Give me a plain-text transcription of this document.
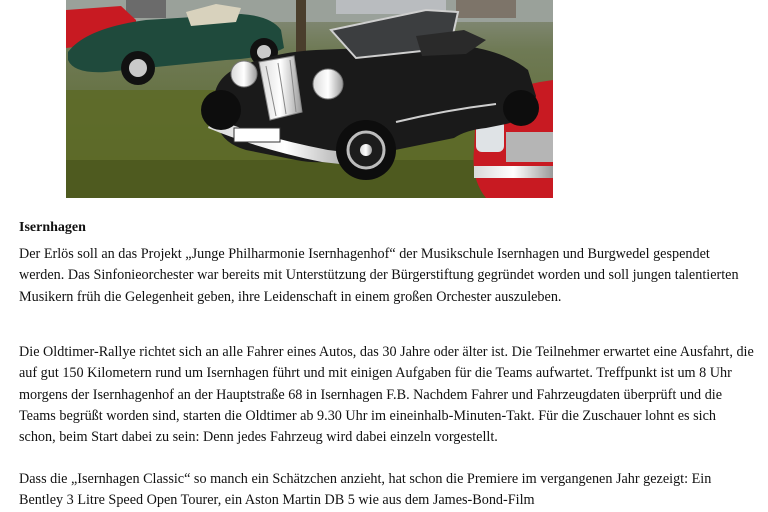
Isernhagen

Der Erlös soll an das Projekt „Junge Philharmonie Isernhagenhof“ der Musikschule Isernhagen und Burgwedel gespendet werden. Das Sinfonieorchester war bereits mit Unterstützung der Bürgerstiftung gegründet worden und soll jungen talentierten Musikern früh die Gelegenheit geben, ihre Leidenschaft in einem großen Orchester auszuleben.

Die Oldtimer-Rallye richtet sich an alle Fahrer eines Autos, das 30 Jahre oder älter ist. Die Teilnehmer erwartet eine Ausfahrt, die auf gut 150 Kilometern rund um Isernhagen führt und mit einigen Aufgaben für die Teams aufwartet. Treffpunkt ist um 8 Uhr morgens der Isernhagenhof an der Hauptstraße 68 in Isernhagen F.B. Nachdem Fahrer und Fahrzeugdaten überprüft und die Teams begrüßt worden sind, starten die Oldtimer ab 9.30 Uhr im eineinhalb-Minuten-Takt. Für die Zuschauer lohnt es sich schon, beim Start dabei zu sein: Denn jedes Fahrzeug wird dabei einzeln vorgestellt.

Dass die „Isernhagen Classic“ so manch ein Schätzchen anzieht, hat schon die Premiere im vergangenen Jahr gezeigt: Ein Bentley 3 Litre Speed Open Tourer, ein Aston Martin DB 5 wie aus dem James-Bond-Film
